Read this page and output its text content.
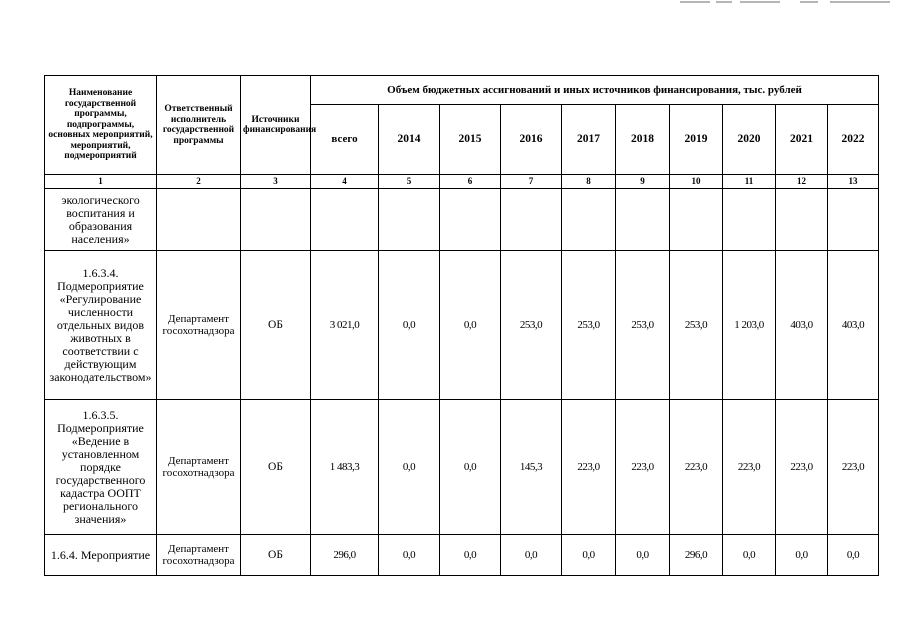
Наименование государственной программы, подпрограммы, основных мероприятий, мероприятий, подмероприятий	Ответственный исполнитель государственной программы	Источники финансирования	Объем бюджетных ассигнований и иных источников финансирования, тыс. рублей									
			всего	2014	2015	2016	2017	2018	2019	2020	2021	2022
1	2	3	4	5	6	7	8	9	10	11	12	13
экологического воспитания и образования населения»												
1.6.3.4. Подмероприятие «Регулирование численности отдельных видов животных в соответствии с действующим законодательством»	Департамент госохотнадзора	ОБ	3 021,0	0,0	0,0	253,0	253,0	253,0	253,0	1 203,0	403,0	403,0
1.6.3.5. Подмероприятие «Ведение в установленном порядке государственного кадастра ООПТ регионального значения»	Департамент госохотнадзора	ОБ	1 483,3	0,0	0,0	145,3	223,0	223,0	223,0	223,0	223,0	223,0
1.6.4. Мероприятие	Департамент госохотнадзора	ОБ	296,0	0,0	0,0	0,0	0,0	0,0	296,0	0,0	0,0	0,0
